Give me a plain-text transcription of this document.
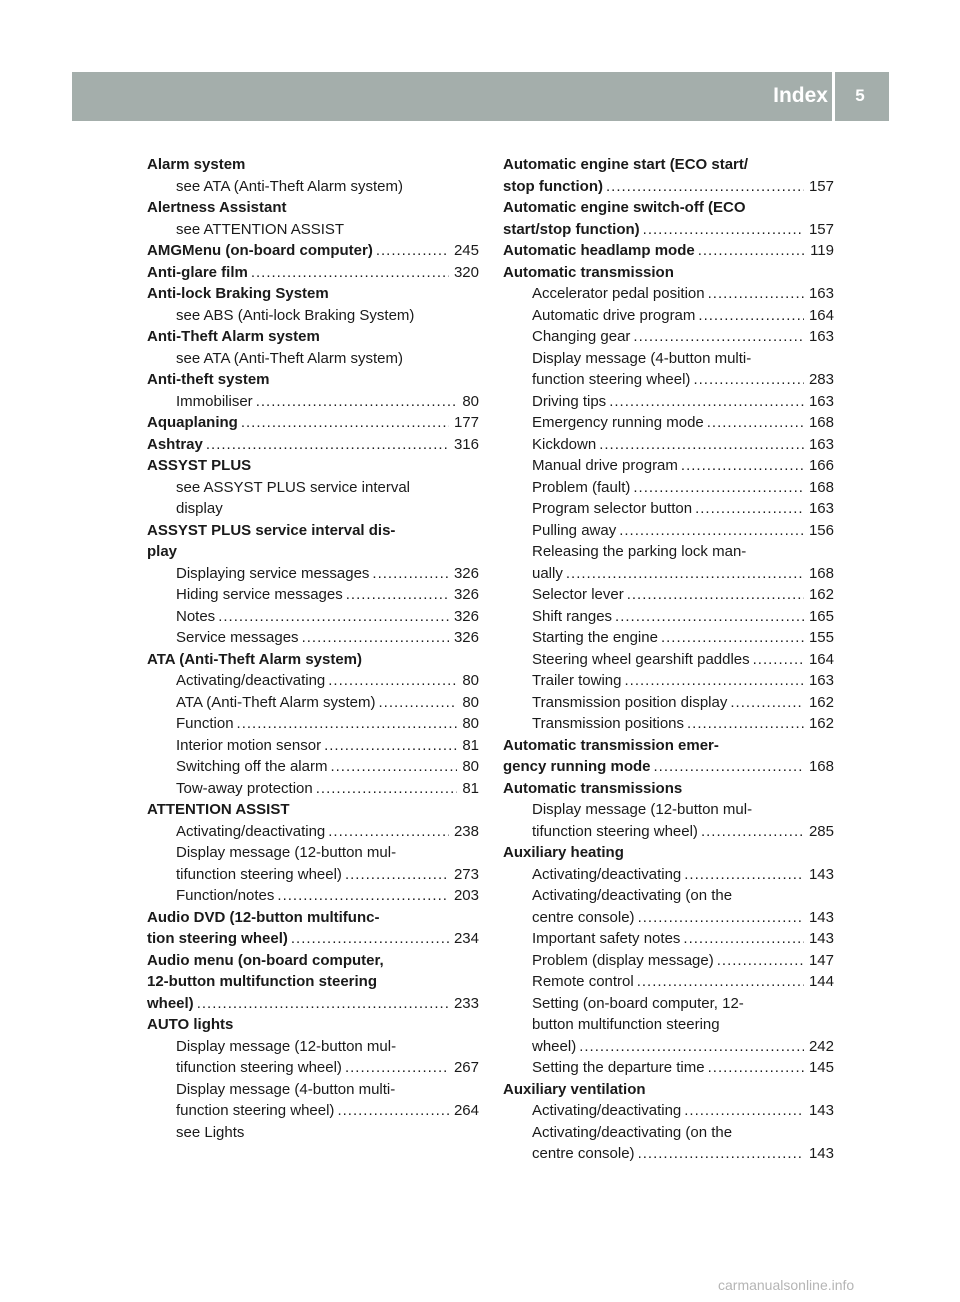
Index	5
Alarm system
see ATA (Anti-Theft Alarm system)
Alertness Assistant
see ATTENTION ASSIST
AMGMenu (on-board computer) .....	245
Anti-glare film .....	320
Anti-lock Braking System
see ABS (Anti-lock Braking System)
Anti-Theft Alarm system
see ATA (Anti-Theft Alarm system)
Anti-theft system
Immobiliser .....	80
Aquaplaning .....	177
Ashtray .....	316
ASSYST PLUS
see ASSYST PLUS service interval
display
ASSYST PLUS service interval dis-
play
Displaying service messages .....	326
Hiding service messages .....	326
Notes .....	326
Service messages .....	326
ATA (Anti-Theft Alarm system)
Activating/deactivating .....	80
ATA (Anti-Theft Alarm system) .....	80
Function .....	80
Interior motion sensor .....	81
Switching off the alarm .....	80
Tow-away protection .....	81
ATTENTION ASSIST
Activating/deactivating .....	238
Display message (12-button mul-
tifunction steering wheel) .....	273
Function/notes .....	203
Audio DVD (12-button multifunc-
tion steering wheel) .....	234
Audio menu (on-board computer,
12-button multifunction steering
wheel) .....	233
AUTO lights
Display message (12-button mul-
tifunction steering wheel) .....	267
Display message (4-button multi-
function steering wheel) .....	264
see Lights
Automatic engine start (ECO start/
stop function) .....	157
Automatic engine switch-off (ECO
start/stop function) .....	157
Automatic headlamp mode .....	119
Automatic transmission
Accelerator pedal position .....	163
Automatic drive program .....	164
Changing gear .....	163
Display message (4-button multi-
function steering wheel) .....	283
Driving tips .....	163
Emergency running mode .....	168
Kickdown .....	163
Manual drive program .....	166
Problem (fault) .....	168
Program selector button .....	163
Pulling away .....	156
Releasing the parking lock man-
ually .....	168
Selector lever .....	162
Shift ranges .....	165
Starting the engine .....	155
Steering wheel gearshift paddles .....	164
Trailer towing .....	163
Transmission position display .....	162
Transmission positions .....	162
Automatic transmission emer-
gency running mode .....	168
Automatic transmissions
Display message (12-button mul-
tifunction steering wheel) .....	285
Auxiliary heating
Activating/deactivating .....	143
Activating/deactivating (on the
centre console) .....	143
Important safety notes .....	143
Problem (display message) .....	147
Remote control .....	144
Setting (on-board computer, 12-
button multifunction steering
wheel) .....	242
Setting the departure time .....	145
Auxiliary ventilation
Activating/deactivating .....	143
Activating/deactivating (on the
centre console) .....	143
carmanualsonline.info
